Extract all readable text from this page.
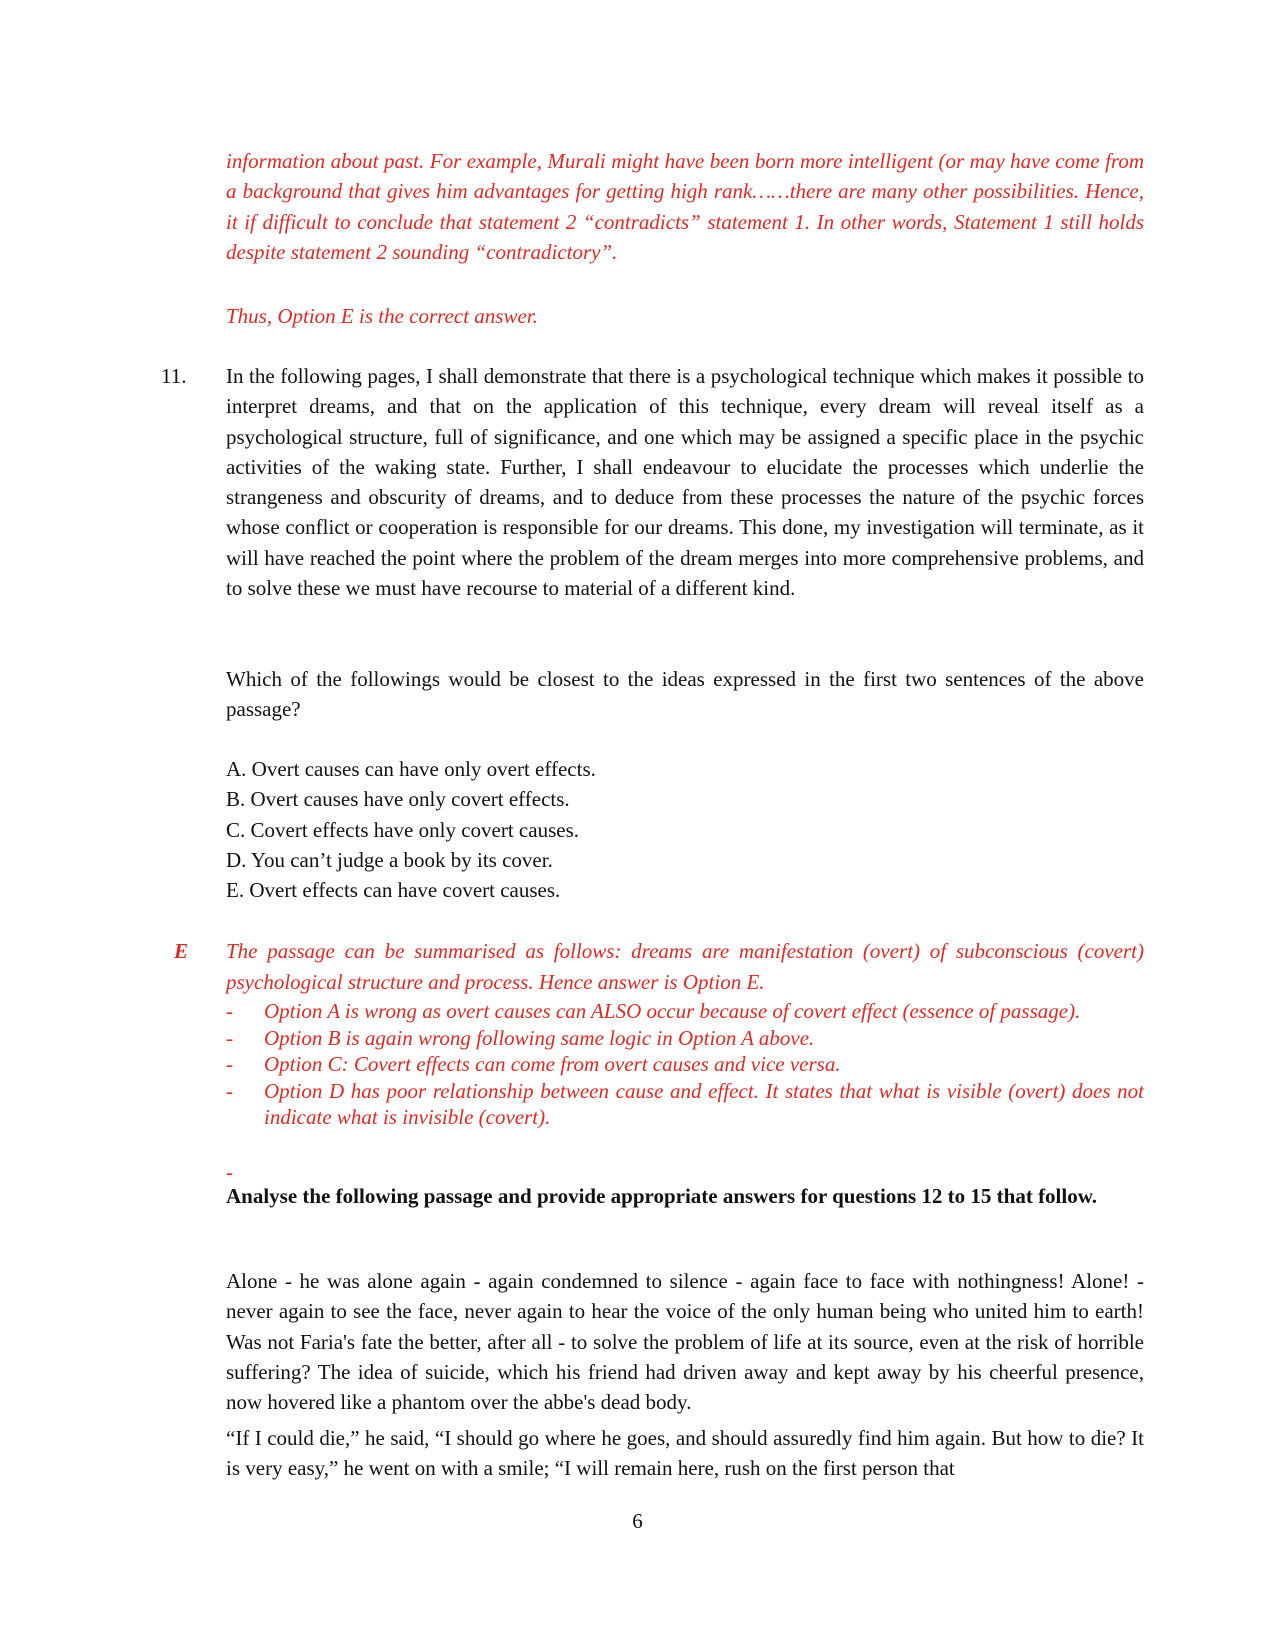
information about past. For example, Murali might have been born more intelligent (or may have come from a background that gives him advantages for getting high rank……there are many other possibilities. Hence, it if difficult to conclude that statement 2 “contradicts” statement 1. In other words, Statement 1 still holds despite statement 2 sounding “contradictory”.

Thus, Option E is the correct answer.

11. In the following pages, I shall demonstrate that there is a psychological technique which makes it possible to interpret dreams, and that on the application of this technique, every dream will reveal itself as a psychological structure, full of significance, and one which may be assigned a specific place in the psychic activities of the waking state. Further, I shall endeavour to elucidate the processes which underlie the strangeness and obscurity of dreams, and to deduce from these processes the nature of the psychic forces whose conflict or cooperation is responsible for our dreams. This done, my investigation will terminate, as it will have reached the point where the problem of the dream merges into more comprehensive problems, and to solve these we must have recourse to material of a different kind.

Which of the followings would be closest to the ideas expressed in the first two sentences of the above passage?

A. Overt causes can have only overt effects.
B. Overt causes have only covert effects.
C. Covert effects have only covert causes.
D. You can’t judge a book by its cover.
E. Overt effects can have covert causes.
E The passage can be summarised as follows: dreams are manifestation (overt) of subconscious (covert) psychological structure and process. Hence answer is Option E.

- Option A is wrong as overt causes can ALSO occur because of covert effect (essence of passage).
- Option B is again wrong following same logic in Option A above.
- Option C: Covert effects can come from overt causes and vice versa.
- Option D has poor relationship between cause and effect. It states that what is visible (overt) does not indicate what is invisible (covert).
-

Analyse the following passage and provide appropriate answers for questions 12 to 15 that follow.

Alone - he was alone again - again condemned to silence - again face to face with nothingness! Alone! - never again to see the face, never again to hear the voice of the only human being who united him to earth! Was not Faria's fate the better, after all - to solve the problem of life at its source, even at the risk of horrible suffering? The idea of suicide, which his friend had driven away and kept away by his cheerful presence, now hovered like a phantom over the abbe's dead body.

“If I could die,” he said, “I should go where he goes, and should assuredly find him again. But how to die? It is very easy,” he went on with a smile; “I will remain here, rush on the first person that

6
